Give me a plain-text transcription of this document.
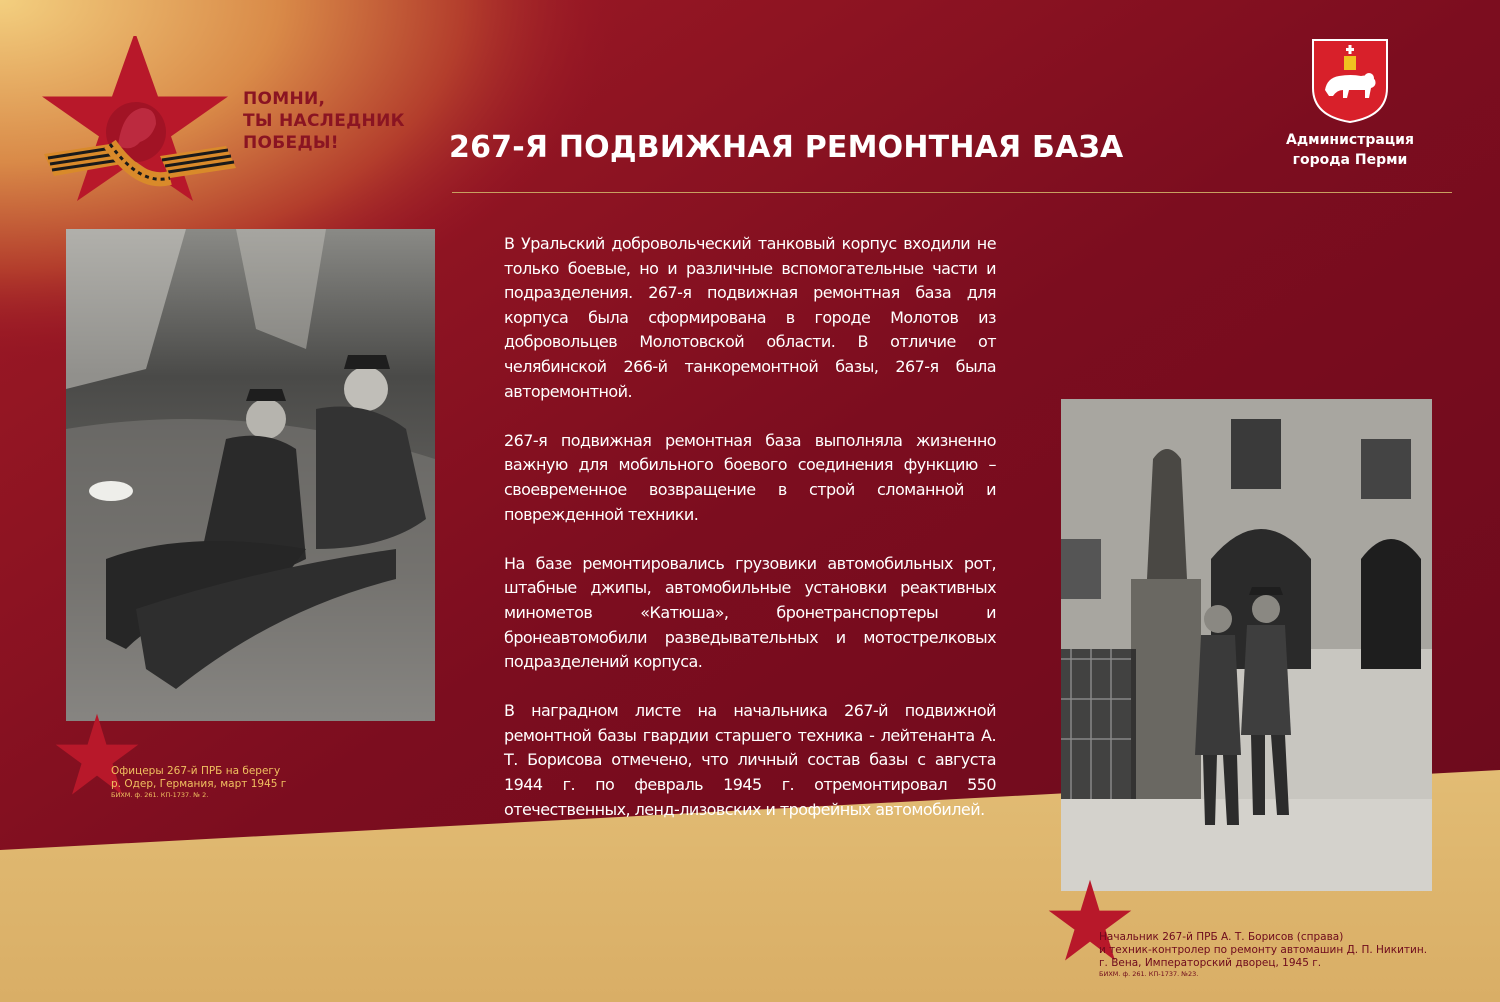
ПОМНИ,
ТЫ НАСЛЕДНИК
ПОБЕДЫ!	267-Я ПОДВИЖНАЯ РЕМОНТНАЯ БАЗА	Администрация
города Перми

В Уральский добровольческий танковый корпус входили не только боевые, но и различные вспомогательные части и подразделения. 267-я подвижная ремонтная база для корпуса была сформирована в городе Молотов из добровольцев Молотовской области. В отличие от челябинской 266-й танкоремонтной базы, 267-я была авторемонтной.

267-я подвижная ремонтная база выполняла жизненно важную для мобильного боевого соединения функцию – своевременное возвращение в строй сломанной и поврежденной техники.

На базе ремонтировались грузовики автомобильных рот, штабные джипы, автомобильные установки реактивных минометов «Катюша», бронетранспортеры и бронеавтомобили разведывательных и мотострелковых подразделений корпуса.

В наградном листе на начальника 267-й подвижной ремонтной базы гвардии старшего техника - лейтенанта А. Т. Борисова отмечено, что личный состав базы с августа 1944 г. по февраль 1945 г. отремонтировал 550 отечественных, ленд-лизовских и трофейных автомобилей.

Офицеры 267-й ПРБ на берегу
р. Одер, Германия, март 1945 г
БИХМ. ф. 261. КП-1737. № 2.
Начальник 267-й ПРБ А. Т. Борисов (справа)
и техник-контролер по ремонту автомашин Д. П. Никитин.
г. Вена, Императорский дворец, 1945 г.
БИХМ. ф. 261. КП-1737. №23.
